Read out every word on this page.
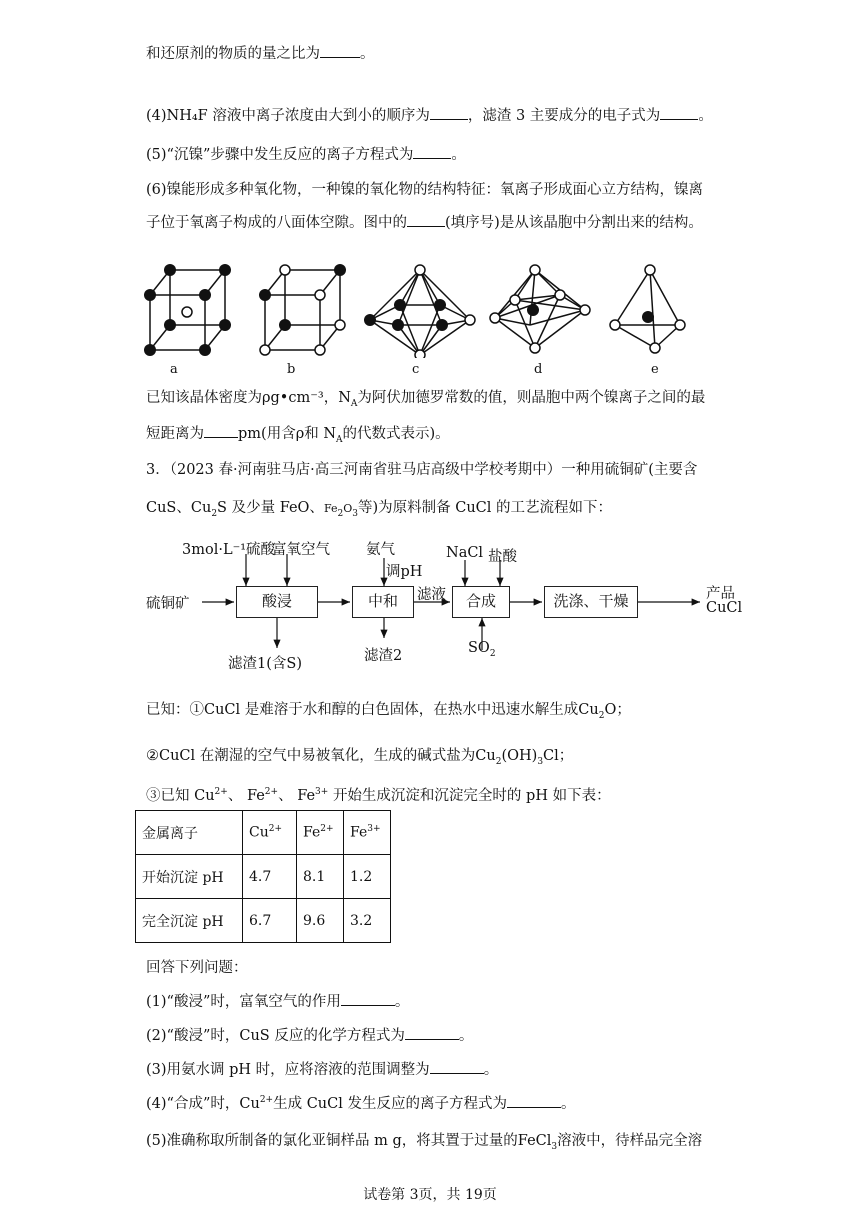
和还原剂的物质的量之比为	。
(4)NH₄F 溶液中离子浓度由大到小的顺序为	，滤渣 3 主要成分的电子式为	。
(5)“沉镍”步骤中发生反应的离子方程式为	。
(6)镍能形成多种氧化物，一种镍的氧化物的结构特征：氧离子形成面心立方结构，镍离
子位于氧离子构成的八面体空隙。图中的	(填序号)是从该晶胞中分割出来的结构。
a	b	c	d	e
已知该晶体密度为ρg•cm⁻³，$N_A$为阿伏加德罗常数的值，则晶胞中两个镍离子之间的最
短距离为 pm(用含ρ和 $N_A$的代数式表示)。
3．（2023 春·河南驻马店·高三河南省驻马店高级中学校考期中）一种用硫铜矿(主要含
CuS、$Cu_2S$ 及少量 FeO、$Fe_2O_3$等)为原料制备 CuCl 的工艺流程如下：
3mol·L⁻¹硫酸
富氧空气 氨气
调pH
NaCl 盐酸
硫铜矿	酸浸	中和	滤液	合成	洗涤、干燥	产品
CuCl
滤渣1(含S)	滤渣2	$SO_2$
已知：①CuCl 是难溶于水和醇的白色固体，在热水中迅速水解生成$Cu_2O$；
②CuCl 在潮湿的空气中易被氧化，生成的碱式盐为$Cu_2(OH)_3Cl$；
③已知 $Cu^{2+}$、 $Fe^{2+}$、 $Fe^{3+}$ 开始生成沉淀和沉淀完全时的 pH 如下表：
金属离子	$Cu^{2+}$	$Fe^{2+}$	$Fe^{3+}$
开始沉淀 pH	4.7	8.1	1.2
完全沉淀 pH	6.7	9.6	3.2
回答下列问题：
(1)“酸浸”时，富氧空气的作用	。
(2)“酸浸”时，CuS 反应的化学方程式为	。
(3)用氨水调 pH 时，应将溶液的范围调整为	。
(4)“合成”时，$Cu^{2+}$生成 CuCl 发生反应的离子方程式为	。
(5)准确称取所制备的氯化亚铜样品 m g，将其置于过量的FeCl$_3$溶液中，待样品完全溶
试卷第 3页，共 19页
